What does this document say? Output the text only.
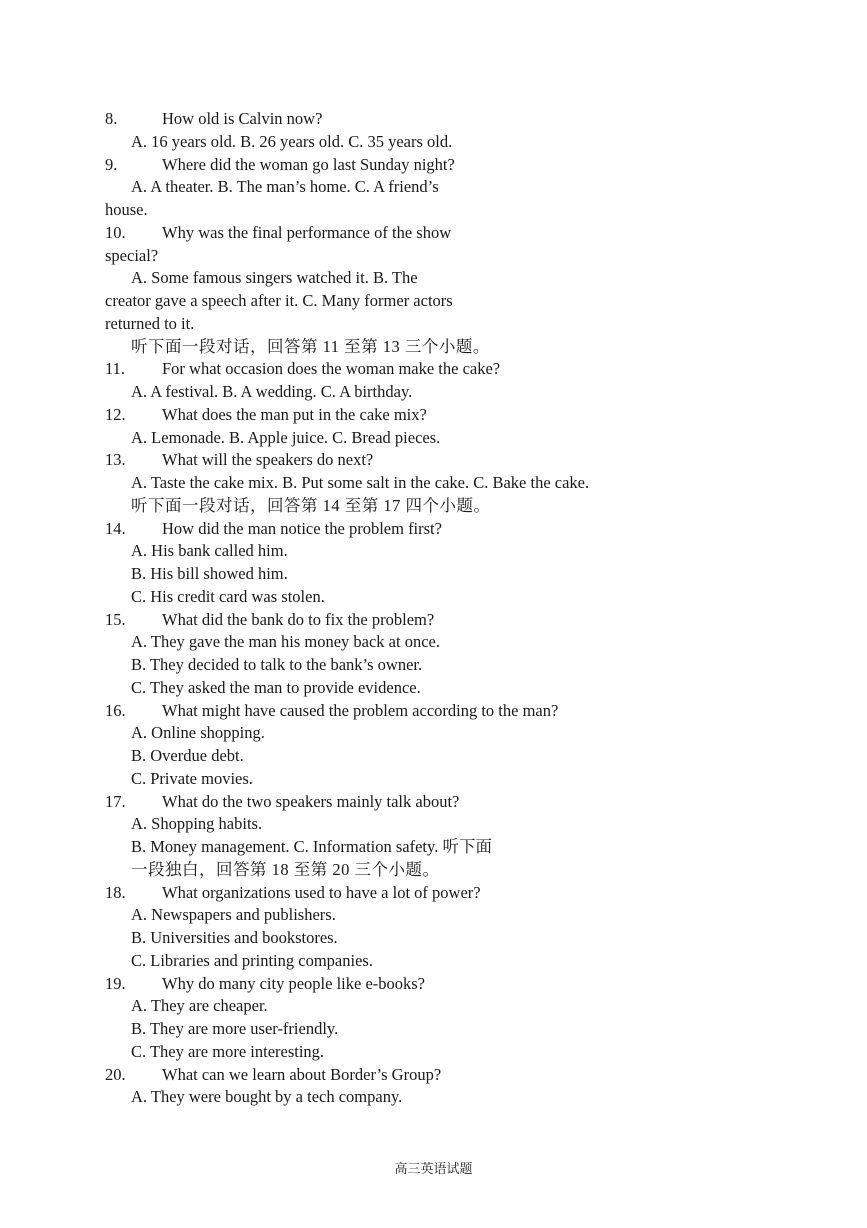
8.	How old is Calvin now?
A. 16 years old. B. 26 years old. C. 35 years old.
9.	Where did the woman go last Sunday night?
A. A theater. B. The man’s home. C. A friend’s
house.
10. Why was the final performance of the show
special?
A. Some famous singers watched it. B. The
creator gave a speech after it. C. Many former actors
returned to it.
听下面一段对话，回答第 11 至第 13 三个小题。
11. For what occasion does the woman make the cake?
A. A festival. B. A wedding. C. A birthday.
12. What does the man put in the cake mix?
A. Lemonade. B. Apple juice. C. Bread pieces.
13. What will the speakers do next?
A. Taste the cake mix. B. Put some salt in the cake. C. Bake the cake.
听下面一段对话，回答第 14 至第 17 四个小题。
14. How did the man notice the problem first?
A. His bank called him.
B. His bill showed him.
C. His credit card was stolen.
15. What did the bank do to fix the problem?
A. They gave the man his money back at once.
B. They decided to talk to the bank’s owner.
C. They asked the man to provide evidence.
16. What might have caused the problem according to the man?
A. Online shopping.
B. Overdue debt.
C. Private movies.
17. What do the two speakers mainly talk about?
A. Shopping habits.
B. Money management. C. Information safety. 听下面
一段独白，回答第 18 至第 20 三个小题。
18. What organizations used to have a lot of power?
A. Newspapers and publishers.
B. Universities and bookstores.
C. Libraries and printing companies.
19. Why do many city people like e-books?
A. They are cheaper.
B. They are more user-friendly.
C. They are more interesting.
20. What can we learn about Border’s Group?
A. They were bought by a tech company.
高三英语试题
